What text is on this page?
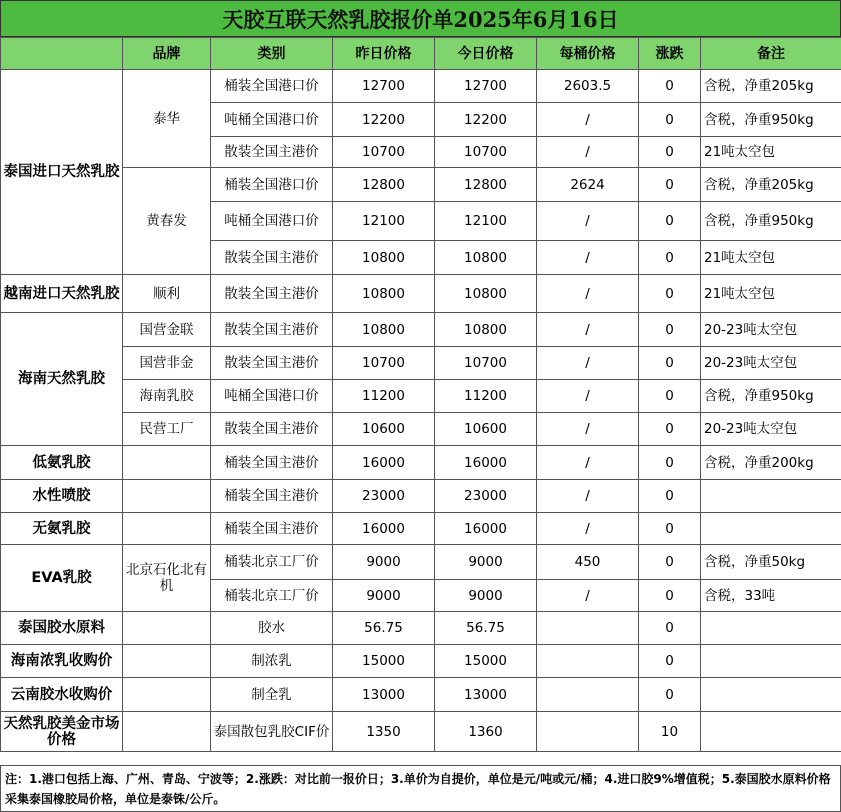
天胶互联天然乳胶报价单2025年6月16日
	品牌	类别	昨日价格	今日价格	每桶价格	涨跌	备注
泰国进口天然乳胶	泰华	桶装全国港口价	12700	12700	2603.5	0	含税，净重205kg
		吨桶全国港口价	12200	12200	/	0	含税，净重950kg
		散装全国主港价	10700	10700	/	0	21吨太空包
	黄春发	桶装全国港口价	12800	12800	2624	0	含税，净重205kg
		吨桶全国港口价	12100	12100	/	0	含税，净重950kg
		散装全国主港价	10800	10800	/	0	21吨太空包
越南进口天然乳胶	顺利	散装全国主港价	10800	10800	/	0	21吨太空包
海南天然乳胶	国营金联	散装全国主港价	10800	10800	/	0	20-23吨太空包
	国营非金	散装全国主港价	10700	10700	/	0	20-23吨太空包
	海南乳胶	吨桶全国港口价	11200	11200	/	0	含税，净重950kg
	民营工厂	散装全国主港价	10600	10600	/	0	20-23吨太空包
低氨乳胶		桶装全国主港价	16000	16000	/	0	含税，净重200kg
水性喷胶		桶装全国主港价	23000	23000	/	0	
无氨乳胶		桶装全国主港价	16000	16000	/	0	
EVA乳胶	北京石化北有机	桶装北京工厂价	9000	9000	450	0	含税，净重50kg
		桶装北京工厂价	9000	9000	/	0	含税，33吨
泰国胶水原料		胶水	56.75	56.75		0	
海南浓乳收购价		制浓乳	15000	15000		0	
云南胶水收购价		制全乳	13000	13000		0	
天然乳胶美金市场价格		泰国散包乳胶CIF价	1350	1360		10	
注：1.港口包括上海、广州、青岛、宁波等；2.涨跌：对比前一报价日；3.单价为自提价，单位是元/吨或元/桶；4.进口胶9%增值税；5.泰国胶水原料价格采集泰国橡胶局价格，单位是泰铢/公斤。
